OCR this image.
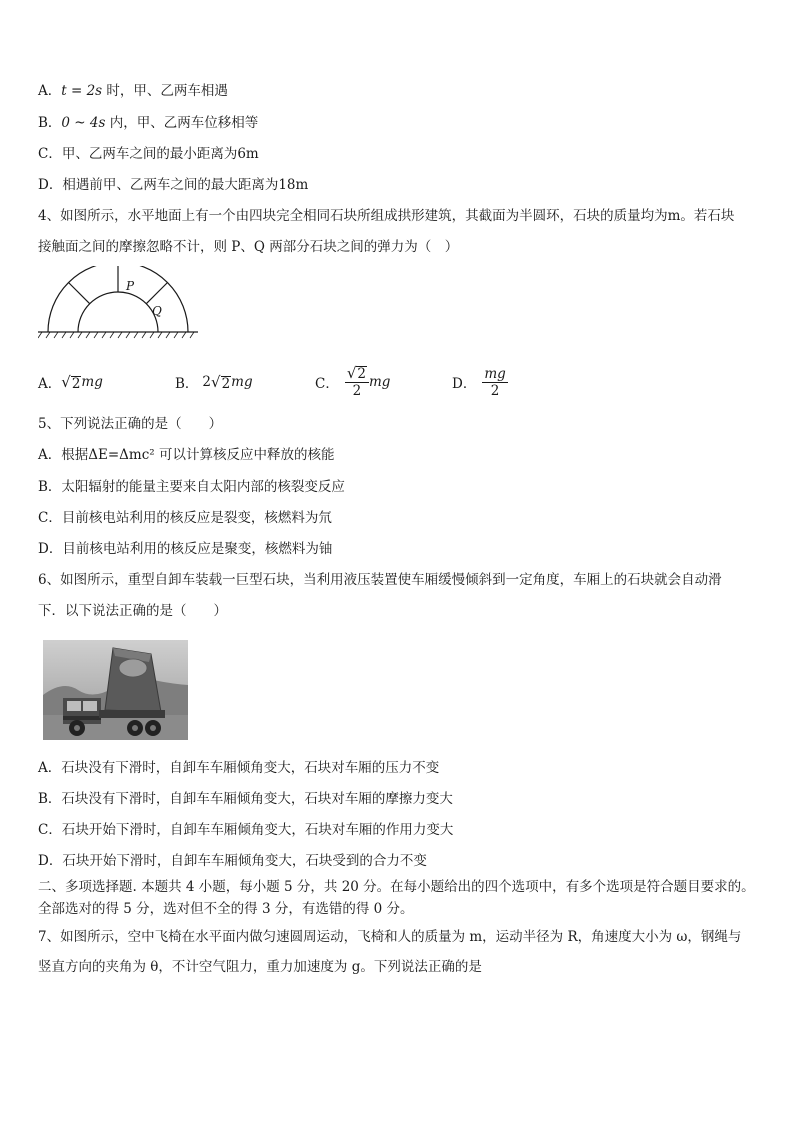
A．t = 2s 时，甲、乙两车相遇
B．0 ~ 4s 内，甲、乙两车位移相等
C．甲、乙两车之间的最小距离为6m
D．相遇前甲、乙两车之间的最大距离为18m
4、如图所示，水平地面上有一个由四块完全相同石块所组成拱形建筑，其截面为半圆环，石块的质量均为m。若石块
接触面之间的摩擦忽略不计，则 P、Q 两部分石块之间的弹力为（　）
P
Q
A． √ 2 mg	B． 2 √ 2 mg	C． $\frac{√ 2}{2}$ mg	D． $\frac{mg}{2}$
5、下列说法正确的是（　　）
A．根据ΔE=Δmc² 可以计算核反应中释放的核能
B．太阳辐射的能量主要来自太阳内部的核裂变反应
C．目前核电站利用的核反应是裂变，核燃料为氘
D．目前核电站利用的核反应是聚变，核燃料为铀
6、如图所示，重型自卸车装载一巨型石块，当利用液压装置使车厢缓慢倾斜到一定角度，车厢上的石块就会自动滑
下．以下说法正确的是（　　）
A．石块没有下滑时，自卸车车厢倾角变大，石块对车厢的压力不变
B．石块没有下滑时，自卸车车厢倾角变大，石块对车厢的摩擦力变大
C．石块开始下滑时，自卸车车厢倾角变大，石块对车厢的作用力变大
D．石块开始下滑时，自卸车车厢倾角变大，石块受到的合力不变
二、多项选择题. 本题共 4 小题，每小题 5 分，共 20 分。在每小题给出的四个选项中，有多个选项是符合题目要求的。
全部选对的得 5 分，选对但不全的得 3 分，有选错的得 0 分。
7、如图所示，空中飞椅在水平面内做匀速圆周运动，飞椅和人的质量为 m，运动半径为 R，角速度大小为 ω，钢绳与
竖直方向的夹角为 θ，不计空气阻力，重力加速度为 g。下列说法正确的是
